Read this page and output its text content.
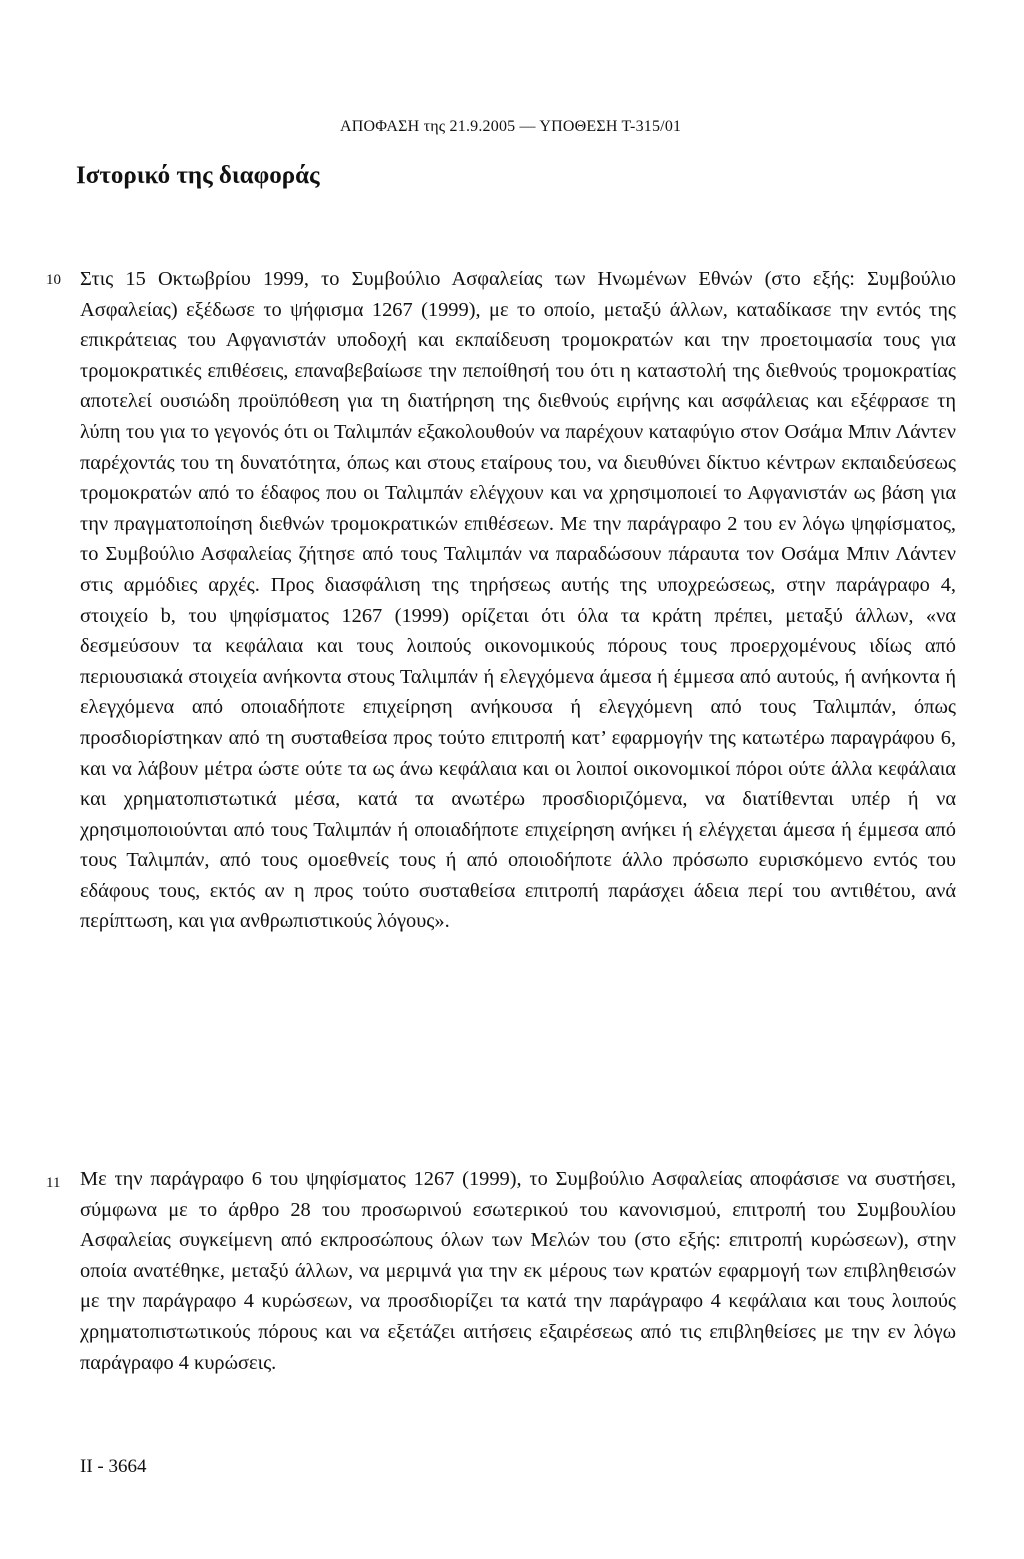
ΑΠΟΦΑΣΗ της 21.9.2005 — ΥΠΟΘΕΣΗ Τ-315/01
Ιστορικό της διαφοράς
10 Στις 15 Οκτωβρίου 1999, το Συμβούλιο Ασφαλείας των Ηνωμένων Εθνών (στο εξής: Συμβούλιο Ασφαλείας) εξέδωσε το ψήφισμα 1267 (1999), με το οποίο, μεταξύ άλλων, καταδίκασε την εντός της επικράτειας του Αφγανιστάν υποδοχή και εκπαίδευση τρομοκρατών και την προετοιμασία τους για τρομοκρατικές επιθέσεις, επαναβεβαίωσε την πεποίθησή του ότι η καταστολή της διεθνούς τρομοκρατίας αποτελεί ουσιώδη προϋπόθεση για τη διατήρηση της διεθνούς ειρήνης και ασφάλειας και εξέφρασε τη λύπη του για το γεγονός ότι οι Ταλιμπάν εξακολουθούν να παρέχουν καταφύγιο στον Οσάμα Μπιν Λάντεν παρέχοντάς του τη δυνατότητα, όπως και στους εταίρους του, να διευθύνει δίκτυο κέντρων εκπαιδεύσεως τρομοκρατών από το έδαφος που οι Ταλιμπάν ελέγχουν και να χρησιμοποιεί το Αφγανιστάν ως βάση για την πραγματοποίηση διεθνών τρομοκρατικών επιθέσεων. Με την παράγραφο 2 του εν λόγω ψηφίσματος, το Συμβούλιο Ασφαλείας ζήτησε από τους Ταλιμπάν να παραδώσουν πάραυτα τον Οσάμα Μπιν Λάντεν στις αρμόδιες αρχές. Προς διασφάλιση της τηρήσεως αυτής της υποχρεώσεως, στην παράγραφο 4, στοιχείο b, του ψηφίσματος 1267 (1999) ορίζεται ότι όλα τα κράτη πρέπει, μεταξύ άλλων, «να δεσμεύσουν τα κεφάλαια και τους λοιπούς οικονομικούς πόρους τους προερχομένους ιδίως από περιουσιακά στοιχεία ανήκοντα στους Ταλιμπάν ή ελεγχόμενα άμεσα ή έμμεσα από αυτούς, ή ανήκοντα ή ελεγχόμενα από οποιαδήποτε επιχείρηση ανήκουσα ή ελεγχόμενη από τους Ταλιμπάν, όπως προσδιορίστηκαν από τη συσταθείσα προς τούτο επιτροπή κατ’ εφαρμογήν της κατωτέρω παραγράφου 6, και να λάβουν μέτρα ώστε ούτε τα ως άνω κεφάλαια και οι λοιποί οικονομικοί πόροι ούτε άλλα κεφάλαια και χρηματοπιστωτικά μέσα, κατά τα ανωτέρω προσδιοριζόμενα, να διατίθενται υπέρ ή να χρησιμοποιούνται από τους Ταλιμπάν ή οποιαδήποτε επιχείρηση ανήκει ή ελέγχεται άμεσα ή έμμεσα από τους Ταλιμπάν, από τους ομοεθνείς τους ή από οποιοδήποτε άλλο πρόσωπο ευρισκόμενο εντός του εδάφους τους, εκτός αν η προς τούτο συσταθείσα επιτροπή παράσχει άδεια περί του αντιθέτου, ανά περίπτωση, και για ανθρωπιστικούς λόγους».
11 Με την παράγραφο 6 του ψηφίσματος 1267 (1999), το Συμβούλιο Ασφαλείας αποφάσισε να συστήσει, σύμφωνα με το άρθρο 28 του προσωρινού εσωτερικού του κανονισμού, επιτροπή του Συμβουλίου Ασφαλείας συγκείμενη από εκπροσώπους όλων των Μελών του (στο εξής: επιτροπή κυρώσεων), στην οποία ανατέθηκε, μεταξύ άλλων, να μεριμνά για την εκ μέρους των κρατών εφαρμογή των επιβληθεισών με την παράγραφο 4 κυρώσεων, να προσδιορίζει τα κατά την παράγραφο 4 κεφάλαια και τους λοιπούς χρηματοπιστωτικούς πόρους και να εξετάζει αιτήσεις εξαιρέσεως από τις επιβληθείσες με την εν λόγω παράγραφο 4 κυρώσεις.
II - 3664
